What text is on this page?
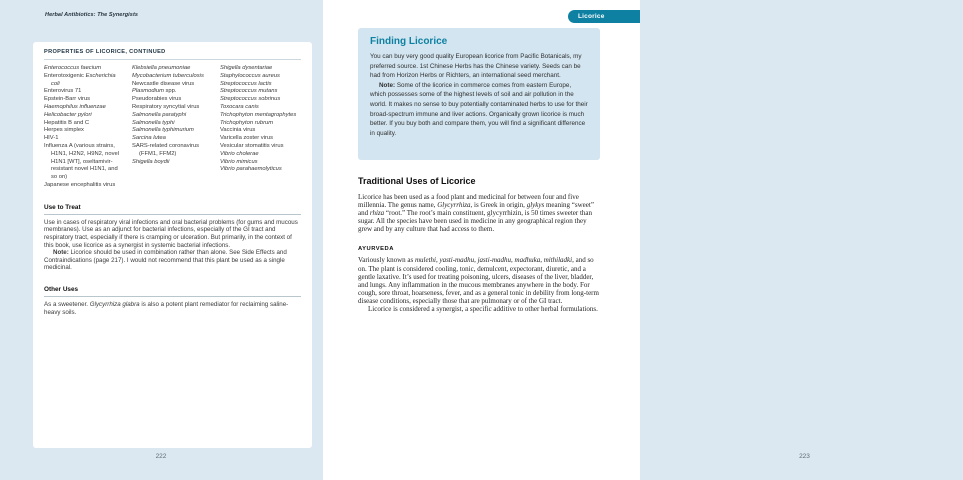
Herbal Antibiotics: The Synergists
PROPERTIES OF LICORICE, CONTINUED
Enterococcus faecium
Enterotoxigenic Escherichia coli
Enterovirus 71
Epstein-Barr virus
Haemophilus influenzae
Helicobacter pylori
Hepatitis B and C
Herpes simplex
HIV-1
Influenza A (various strains, H1N1, H2N2, H9N2, novel H1N1 [WT], oseltamivir-resistant novel H1N1, and so on)
Japanese encephalitis virus
Klebsiella pneumoniae
Mycobacterium tuberculosis
Newcastle disease virus
Plasmodium spp.
Pseudorabies virus
Respiratory syncytial virus
Salmonella paratyphi
Salmonella typhi
Salmonella typhimurium
Sarcina lutea
SARS-related coronavirus (FFM1, FFM2)
Shigella boydii
Shigella dysentariae
Staphylococcus aureus
Streptococcus lactis
Streptococcus mutans
Streptococcus sobrinus
Toxocara canis
Trichophyton mentagrophytes
Trichophyton rubrum
Vaccinia virus
Varicella zoster virus
Vesicular stomatitis virus
Vibrio cholerae
Vibrio mimicus
Vibrio parahaemolyticus
Use to Treat

Use in cases of respiratory viral infections and oral bacterial problems (for gums and mucous membranes). Use as an adjunct for bacterial infections, especially of the GI tract and respiratory tract, especially if there is cramping or ulceration. But primarily, in the context of this book, use licorice as a synergist in systemic bacterial infections.

Note: Licorice should be used in combination rather than alone. See Side Effects and Contraindications (page 217). I would not recommend that this plant be used as a single medicinal.

Other Uses

As a sweetener. Glycyrrhiza glabra is also a potent plant remediator for reclaiming saline-heavy soils.

222
Licorice
Finding Licorice

You can buy very good quality European licorice from Pacific Botanicals, my preferred source. 1st Chinese Herbs has the Chinese variety. Seeds can be had from Horizon Herbs or Richters, an international seed merchant.

Note: Some of the licorice in commerce comes from eastern Europe, which possesses some of the highest levels of soil and air pollution in the world. It makes no sense to buy potentially contaminated herbs to use for their broad-spectrum immune and liver actions. Organically grown licorice is much better. If you buy both and compare them, you will find a significant difference in quality.

Traditional Uses of Licorice

Licorice has been used as a food plant and medicinal for between four and five millennia. The genus name, Glycyrrhiza, is Greek in origin, glykys meaning “sweet” and rhiza “root.” The root’s main constituent, glycyrrhizin, is 50 times sweeter than sugar. All the species have been used in medicine in any geographical region they grew and by any culture that had access to them.

AYURVEDA

Variously known as mulethi, yasti-madhu, jasti-madhu, madhuka, mithiladki, and so on. The plant is considered cooling, tonic, demulcent, expectorant, diuretic, and a gentle laxative. It’s used for treating poisoning, ulcers, diseases of the liver, bladder, and lungs. Any inflammation in the mucous membranes anywhere in the body. For cough, sore throat, hoarseness, fever, and as a general tonic in debility from long-term disease conditions, especially those that are pulmonary or of the GI tract.

Licorice is considered a synergist, a specific additive to other herbal formulations.

223
